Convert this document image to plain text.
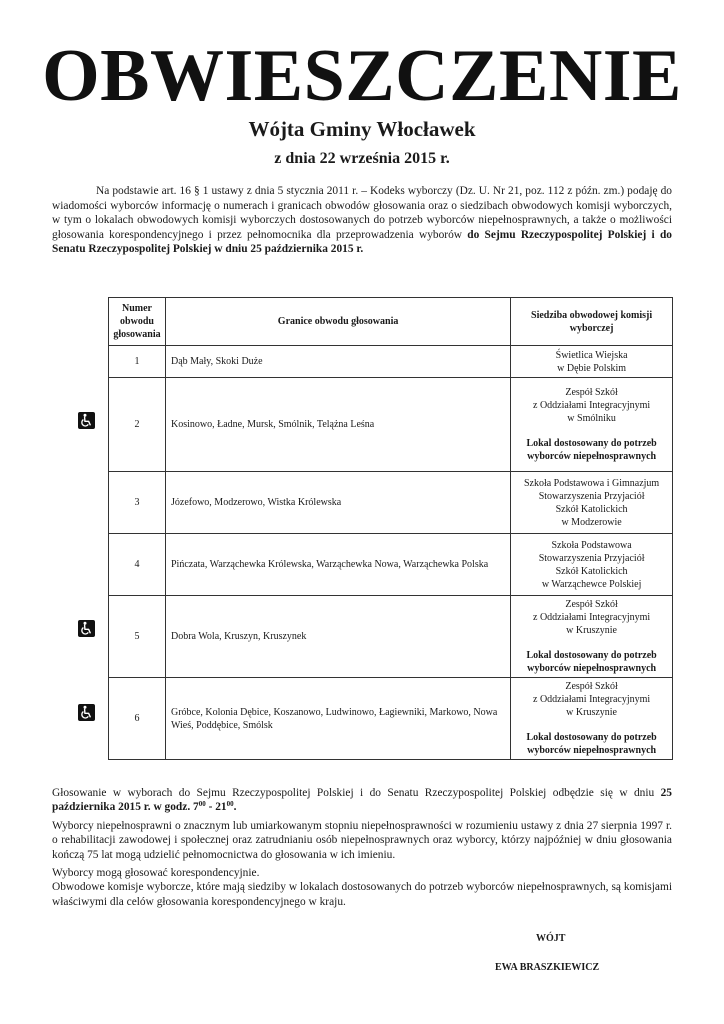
OBWIESZCZENIE
Wójta Gminy Włocławek
z dnia 22 września 2015 r.

Na podstawie art. 16 § 1 ustawy z dnia 5 stycznia 2011 r. – Kodeks wyborczy (Dz. U. Nr 21, poz. 112 z późn. zm.) podaję do wiadomości wyborców informację o numerach i granicach obwodów głosowania oraz o siedzibach obwodowych komisji wyborczych, w tym o lokalach obwodowych komisji wyborczych dostosowanych do potrzeb wyborców niepełnosprawnych, a także o możliwości głosowania korespondencyjnego i przez pełnomocnika dla przeprowadzenia wyborów do Sejmu Rzeczypospolitej Polskiej i do Senatu Rzeczypospolitej Polskiej w dniu 25 października 2015 r.

Numer obwodu głosowania	Granice obwodu głosowania	Siedziba obwodowej komisji wyborczej
1	Dąb Mały, Skoki Duże	Świetlica Wiejska
w Dębie Polskim

2	Kosinowo, Ładne, Mursk, Smólnik, Telążna Leśna	Zespół Szkół
z Oddziałami Integracyjnymi
w Smólniku
Lokal dostosowany do potrzeb wyborców niepełnosprawnych

3	Józefowo, Modzerowo, Wistka Królewska	Szkoła Podstawowa i Gimnazjum
Stowarzyszenia Przyjaciół
Szkół Katolickich
w Modzerowie

4	Pińczata, Warząchewka Królewska, Warząchewka Nowa, Warząchewka Polska	Szkoła Podstawowa
Stowarzyszenia Przyjaciół
Szkół Katolickich
w Warząchewce Polskiej

5	Dobra Wola, Kruszyn, Kruszynek	Zespół Szkół
z Oddziałami Integracyjnymi
w Kruszynie
Lokal dostosowany do potrzeb wyborców niepełnosprawnych

6	Gróbce, Kolonia Dębice, Koszanowo, Ludwinowo, Łagiewniki, Markowo, Nowa Wieś, Poddębice, Smólsk	Zespół Szkół
z Oddziałami Integracyjnymi
w Kruszynie
Lokal dostosowany do potrzeb wyborców niepełnosprawnych

Głosowanie w wyborach do Sejmu Rzeczypospolitej Polskiej i do Senatu Rzeczypospolitej Polskiej odbędzie się w dniu 25 października 2015 r. w godz. $7^{00} - 21^{00}$.

Wyborcy niepełnosprawni o znacznym lub umiarkowanym stopniu niepełnosprawności w rozumieniu ustawy z dnia 27 sierpnia 1997 r. o rehabilitacji zawodowej i społecznej oraz zatrudnianiu osób niepełnosprawnych oraz wyborcy, którzy najpóźniej w dniu głosowania kończą 75 lat mogą udzielić pełnomocnictwa do głosowania w ich imieniu.

Wyborcy mogą głosować korespondencyjnie.

Obwodowe komisje wyborcze, które mają siedziby w lokalach dostosowanych do potrzeb wyborców niepełnosprawnych, są komisjami właściwymi dla celów głosowania korespondencyjnego w kraju.

WÓJT
EWA BRASZKIEWICZ
